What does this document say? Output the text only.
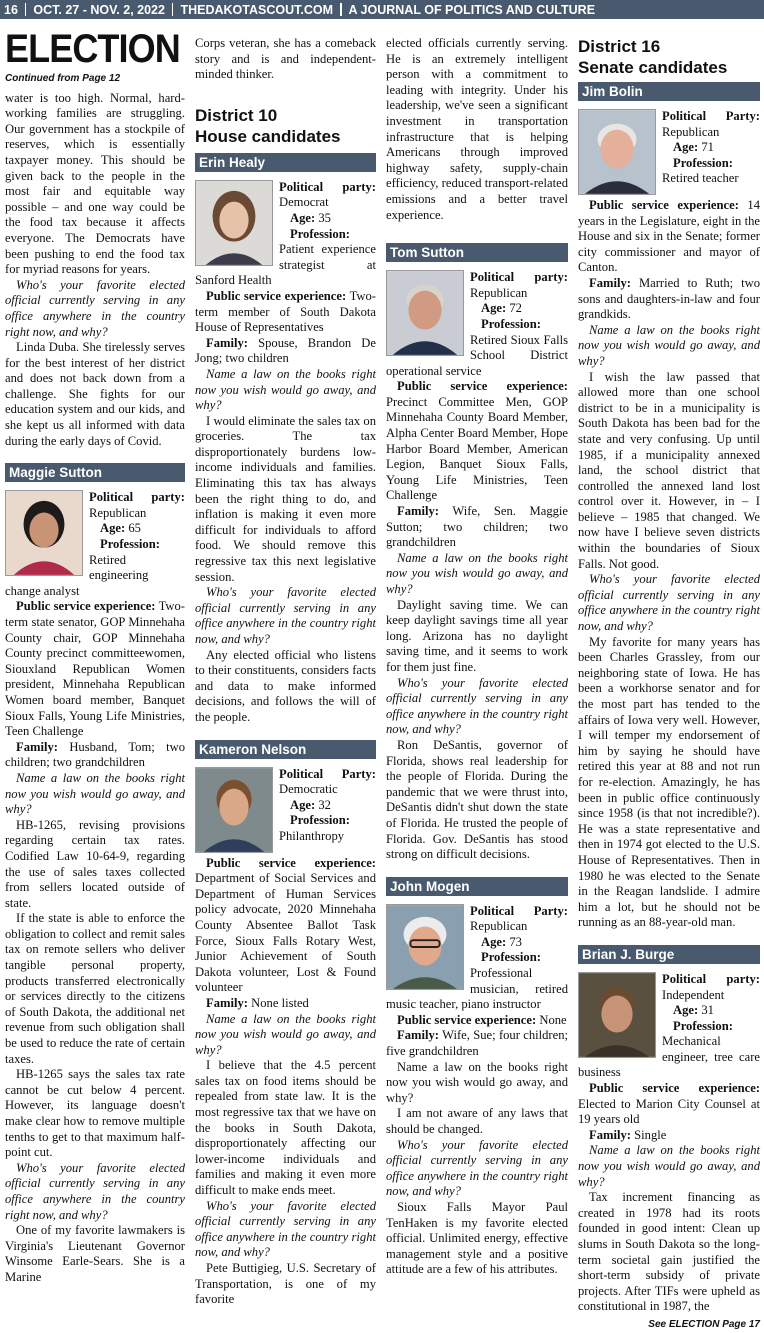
16 OCT. 27 - NOV. 2, 2022 THEDAKOTASCOUT.COM A JOURNAL OF POLITICS AND CULTURE
ELECTION
Continued from Page 12

water is too high. Normal, hard-working families are struggling. Our government has a stockpile of reserves, which is essentially taxpayer money. This should be given back to the people in the most fair and equitable way possible – and one way could be the food tax because it affects everyone. The Democrats have been pushing to end the food tax for myriad reasons for years.

Who's your favorite elected official currently serving in any office anywhere in the country right now, and why?

Linda Duba. She tirelessly serves for the best interest of her district and does not back down from a challenge. She fights for our education system and our kids, and she kept us all informed with data during the early days of Covid.

Maggie Sutton

Political party: Republican

Age: 65

Profession: Retired engineering change analyst

Public service experience: Two-term state senator, GOP Minnehaha County chair, GOP Minnehaha County precinct committeewomen, Siouxland Republican Women president, Minnehaha Republican Women board member, Banquet Sioux Falls, Young Life Ministries, Teen Challenge

Family: Husband, Tom; two children; two grandchildren

Name a law on the books right now you wish would go away, and why?

HB-1265, revising provisions regarding certain tax rates. Codified Law 10-64-9, regarding the use of sales taxes collected from sellers located outside of state.

If the state is able to enforce the obligation to collect and remit sales tax on remote sellers who deliver tangible personal property, products transferred electronically or services directly to the citizens of South Dakota, the additional net revenue from such obligation shall be used to reduce the rate of certain taxes.

HB-1265 says the sales tax rate cannot be cut below 4 percent. However, its language doesn't make clear how to remove multiple tenths to get to that maximum half-point cut.

Who's your favorite elected official currently serving in any office anywhere in the country right now, and why?

One of my favorite lawmakers is Virginia's Lieutenant Governor Winsome Earle-Sears. She is a Marine

Corps veteran, she has a comeback story and is and independent-minded thinker.

District 10
House candidates
Erin Healy

Political party: Democrat

Age: 35

Profession: Patient experience strategist at Sanford Health

Public service experience: Two-term member of South Dakota House of Representatives

Family: Spouse, Brandon De Jong; two children

Name a law on the books right now you wish would go away, and why?

I would eliminate the sales tax on groceries. The tax disproportionately burdens low-income individuals and families. Eliminating this tax has always been the right thing to do, and inflation is making it even more difficult for individuals to afford food. We should remove this regressive tax this next legislative session.

Who's your favorite elected official currently serving in any office anywhere in the country right now, and why?

Any elected official who listens to their constituents, considers facts and data to make informed decisions, and follows the will of the people.

Kameron Nelson

Political Party: Democratic

Age: 32

Profession: Philanthropy

Public service experience: Department of Social Services and Department of Human Services policy advocate, 2020 Minnehaha County Absentee Ballot Task Force, Sioux Falls Rotary West, Junior Achievement of South Dakota volunteer, Lost & Found volunteer

Family: None listed

Name a law on the books right now you wish would go away, and why?

I believe that the 4.5 percent sales tax on food items should be repealed from state law. It is the most regressive tax that we have on the books in South Dakota, disproportionately affecting our lower-income individuals and families and making it even more difficult to make ends meet.

Who's your favorite elected official currently serving in any office anywhere in the country right now, and why?

Pete Buttigieg, U.S. Secretary of Transportation, is one of my favorite

elected officials currently serving. He is an extremely intelligent person with a commitment to leading with integrity. Under his leadership, we've seen a significant investment in transportation infrastructure that is helping Americans through improved highway safety, supply-chain efficiency, reduced transport-related emissions and a better travel experience.

Tom Sutton

Political party: Republican

Age: 72

Profession: Retired Sioux Falls School District operational service

Public service experience: Precinct Committee Men, GOP Minnehaha County Board Member, Alpha Center Board Member, Hope Harbor Board Member, American Legion, Banquet Sioux Falls, Young Life Ministries, Teen Challenge

Family: Wife, Sen. Maggie Sutton; two children; two grandchildren

Name a law on the books right now you wish would go away, and why?

Daylight saving time. We can keep daylight savings time all year long. Arizona has no daylight saving time, and it seems to work for them just fine.

Who's your favorite elected official currently serving in any office anywhere in the country right now, and why?

Ron DeSantis, governor of Florida, shows real leadership for the people of Florida. During the pandemic that we were thrust into, DeSantis didn't shut down the state of Florida. He trusted the people of Florida. Gov. DeSantis has stood strong on difficult decisions.

John Mogen

Political Party: Republican

Age: 73

Profession: Professional musician, retired music teacher, piano instructor

Public service experience: None

Family: Wife, Sue; four children; five grandchildren

Name a law on the books right now you wish would go away, and why?

I am not aware of any laws that should be changed.

Who's your favorite elected official currently serving in any office anywhere in the country right now, and why?

Sioux Falls Mayor Paul TenHaken is my favorite elected official. Unlimited energy, effective management style and a positive attitude are a few of his attributes.

District 16
Senate candidates
Jim Bolin

Political Party: Republican

Age: 71

Profession: Retired teacher

Public service experience: 14 years in the Legislature, eight in the House and six in the Senate; former city commissioner and mayor of Canton.

Family: Married to Ruth; two sons and daughters-in-law and four grandkids.

Name a law on the books right now you wish would go away, and why?

I wish the law passed that allowed more than one school district to be in a municipality is South Dakota has been bad for the state and very confusing. Up until 1985, if a municipality annexed land, the school district that controlled the annexed land lost control over it. However, in – I believe – 1985 that changed. We now have I believe seven districts within the boundaries of Sioux Falls. Not good.

Who's your favorite elected official currently serving in any office anywhere in the country right now, and why?

My favorite for many years has been Charles Grassley, from our neighboring state of Iowa. He has been a workhorse senator and for the most part has tended to the affairs of Iowa very well. However, I will temper my endorsement of him by saying he should have retired this year at 88 and not run for re-election. Amazingly, he has been in public office continuously since 1958 (is that not incredible?). He was a state representative and then in 1974 got elected to the U.S. House of Representatives. Then in 1980 he was elected to the Senate in the Reagan landslide. I admire him a lot, but he should not be running as an 88-year-old man.

Brian J. Burge

Political party: Independent

Age: 31

Profession: Mechanical engineer, tree care business

Public service experience: Elected to Marion City Counsel at 19 years old

Family: Single

Name a law on the books right now you wish would go away, and why?

Tax increment financing as created in 1978 had its roots founded in good intent: Clean up slums in South Dakota so the long-term societal gain justified the short-term subsidy of private projects. After TIFs were upheld as constitutional in 1987, the

See ELECTION Page 17
